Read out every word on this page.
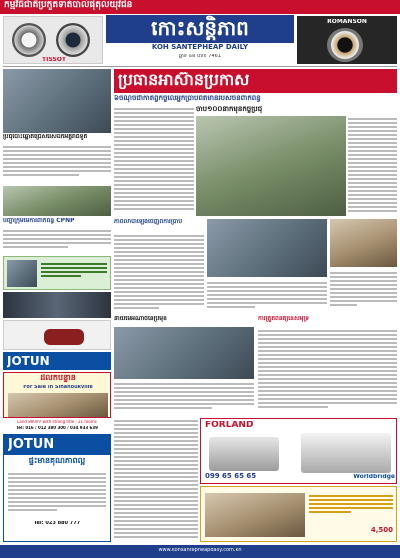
កម្មវិធីជាតិប្រកួតទាត់បាល់ផុតុលយុវជន
TISSOT
កោះសន្តិភាព
KOH SANTEPHEAP DAILY
ឆ្នាំទី ៤៨ លេខ 7461
ROMANSON
ប្រជុំបោះឆ្នោតជ្រើសរើសឯកអគ្គរាជទូត
បញ្ហាក្រុមមេការពាក់ព័ន្ធ CPNP
JOTUN
ដីលក់បន្ទាន់
For Sale in Sihanoukville
Land 800m² with strong title · 21 rooms
Tel: 016 / 012 380 300 / 034 933 639
JOTUN
ផ្ទះមានគុណភាពល្អ
Tel: 023 880 777
ប្រធានអាស៊ានប្រកាស
៦ចំណុចជាកាតព្វកិច្ចលើអ្នកប្រាប់ព័ត៌មានរបស់ចិនពាក់ព័ន្ធ
ចាប់១០០នាក់មុនកិច្ចប្រជុំ
ភាពលាបាឡើងចេញពីការប្រាប់
នាយមេអំណាចនៃប្រមុខ	ការត្រួតពិនិត្យនៃសមុទ្រ
FORLAND
099 65 65 65	Worldbridge
4,500
www.kohsantepheapdaily.com.kh
